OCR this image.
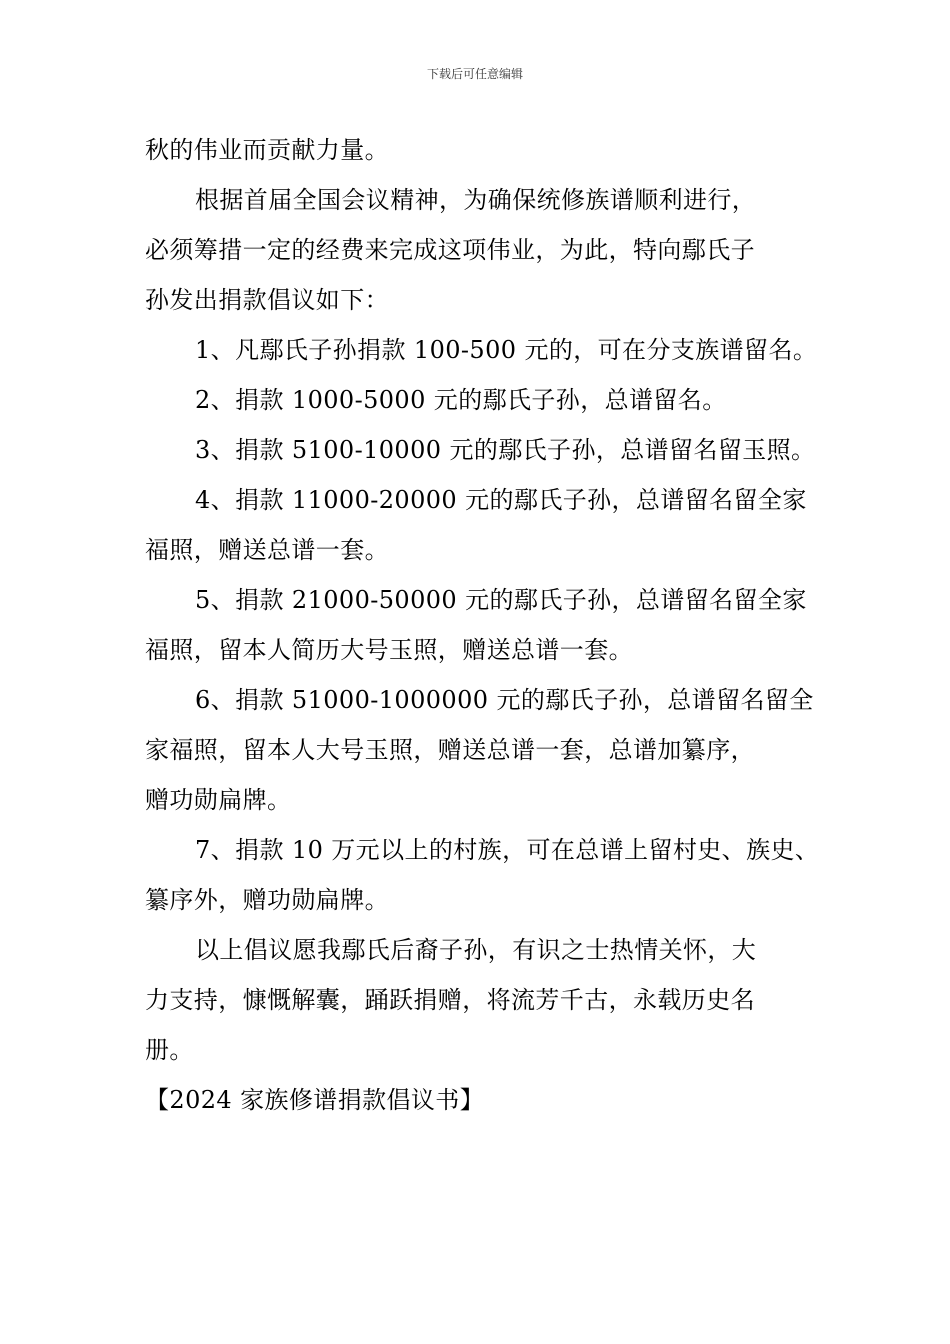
下载后可任意编辑
秋的伟业而贡献力量。
根据首届全国会议精神，为确保统修族谱顺利进行，
必须筹措一定的经费来完成这项伟业，为此，特向鄢氏子
孙发出捐款倡议如下：
1、凡鄢氏子孙捐款 100-500 元的，可在分支族谱留名。
2、捐款 1000-5000 元的鄢氏子孙，总谱留名。
3、捐款 5100-10000 元的鄢氏子孙，总谱留名留玉照。
4、捐款 11000-20000 元的鄢氏子孙，总谱留名留全家
福照，赠送总谱一套。
5、捐款 21000-50000 元的鄢氏子孙，总谱留名留全家
福照，留本人简历大号玉照，赠送总谱一套。
6、捐款 51000-1000000 元的鄢氏子孙，总谱留名留全
家福照，留本人大号玉照，赠送总谱一套，总谱加纂序，
赠功勋扁牌。
7、捐款 10 万元以上的村族，可在总谱上留村史、族史、
纂序外，赠功勋扁牌。
以上倡议愿我鄢氏后裔子孙，有识之士热情关怀，大
力支持，慷慨解囊，踊跃捐赠，将流芳千古，永载历史名
册。
【2024 家族修谱捐款倡议书】
